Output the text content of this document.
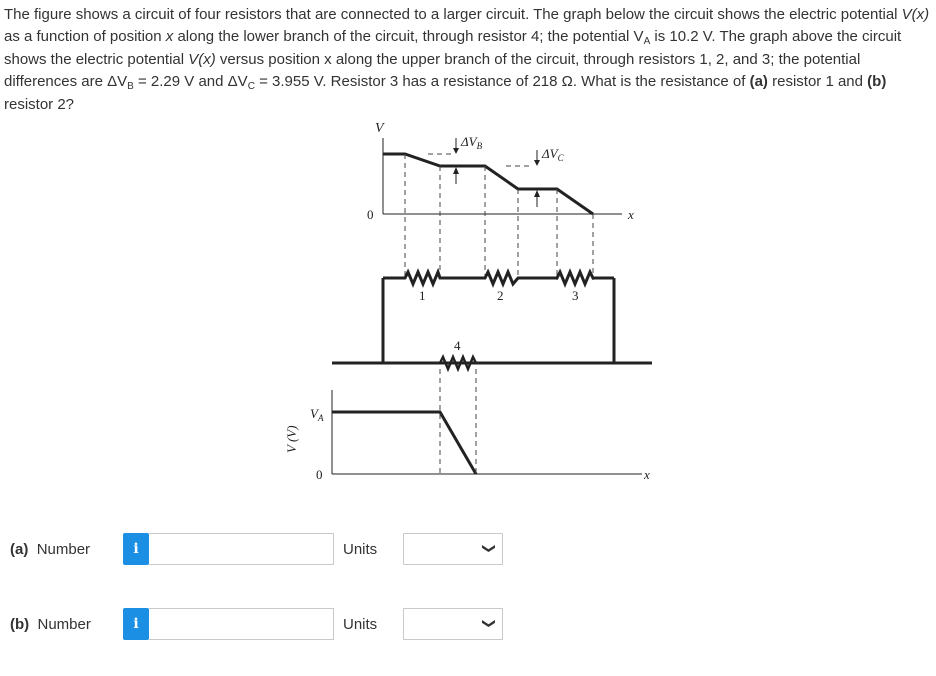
The figure shows a circuit of four resistors that are connected to a larger circuit. The graph below the circuit shows the electric potential V(x) as a function of position x along the lower branch of the circuit, through resistor 4; the potential $V_A$ is 10.2 V. The graph above the circuit shows the electric potential V(x) versus position x along the upper branch of the circuit, through resistors 1, 2, and 3; the potential differences are $\Delta V_B = 2.29$ V and $\Delta V_C = 3.955$ V. Resistor 3 has a resistance of 218 Ω. What is the resistance of (a) resistor 1 and (b) resistor 2?
V
0	x
$\Delta V_B$	$\Delta V_C$
1	2	3
4
V (V)
$V_A$
0	x
(a) Number	i	Units	❯
(b) Number	i	Units	❯
